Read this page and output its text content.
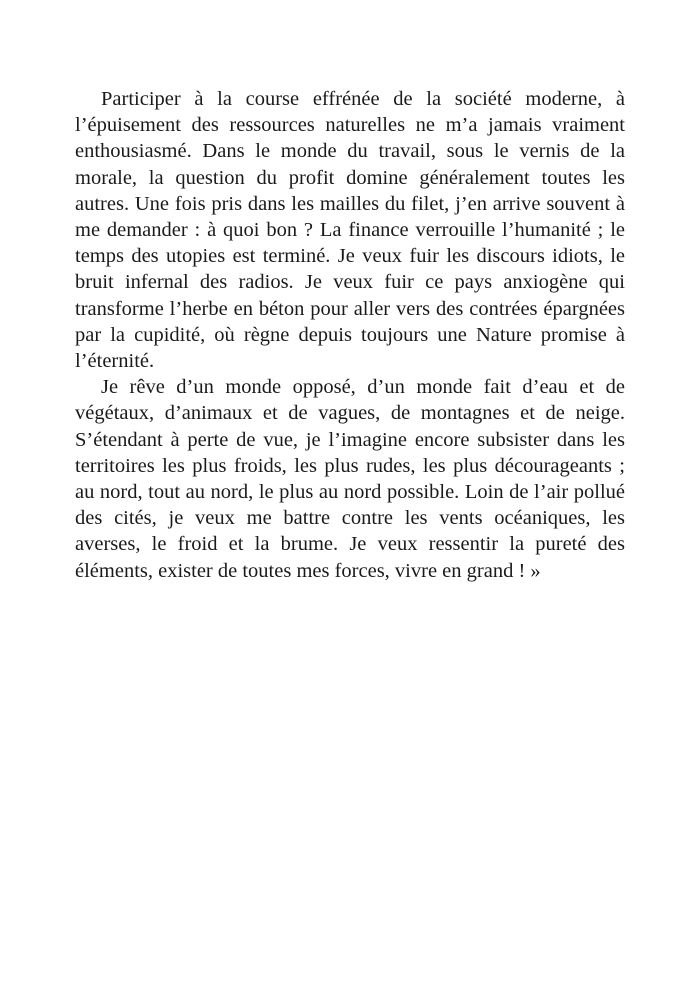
Participer à la course effrénée de la société moderne, à l’épuisement des ressources naturelles ne m’a jamais vraiment enthousiasmé. Dans le monde du travail, sous le vernis de la morale, la question du profit domine généralement toutes les autres. Une fois pris dans les mailles du filet, j’en arrive souvent à me demander : à quoi bon ? La finance verrouille l’humanité ; le temps des utopies est terminé. Je veux fuir les discours idiots, le bruit infernal des radios. Je veux fuir ce pays anxiogène qui transforme l’herbe en béton pour aller vers des contrées épargnées par la cupidité, où règne depuis toujours une Nature promise à l’éternité.

Je rêve d’un monde opposé, d’un monde fait d’eau et de végétaux, d’animaux et de vagues, de montagnes et de neige. S’étendant à perte de vue, je l’imagine encore subsister dans les territoires les plus froids, les plus rudes, les plus décourageants ; au nord, tout au nord, le plus au nord possible. Loin de l’air pollué des cités, je veux me battre contre les vents océaniques, les averses, le froid et la brume. Je veux ressentir la pureté des éléments, exister de toutes mes forces, vivre en grand ! »
